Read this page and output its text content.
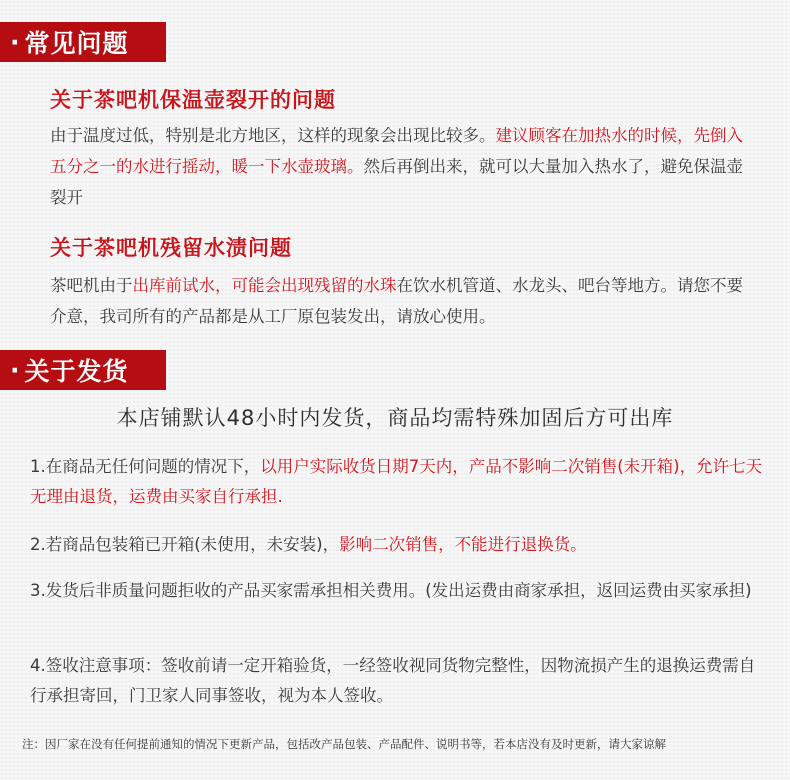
· 常见问题
关于茶吧机保温壶裂开的问题
由于温度过低，特别是北方地区，这样的现象会出现比较多。建议顾客在加热水的时候，先倒入五分之一的水进行摇动，暖一下水壶玻璃。然后再倒出来，就可以大量加入热水了，避免保温壶裂开
关于茶吧机残留水渍问题
茶吧机由于出库前试水，可能会出现残留的水珠在饮水机管道、水龙头、吧台等地方。请您不要介意，我司所有的产品都是从工厂原包装发出，请放心使用。
· 关于发货
本店铺默认48小时内发货，商品均需特殊加固后方可出库
1.在商品无任何问题的情况下，以用户实际收货日期7天内，产品不影响二次销售(未开箱)，允许七天无理由退货，运费由买家自行承担.
2.若商品包装箱已开箱(未使用，未安装)，影响二次销售，不能进行退换货。
3.发货后非质量问题拒收的产品买家需承担相关费用。(发出运费由商家承担，返回运费由买家承担)
4.签收注意事项：签收前请一定开箱验货，一经签收视同货物完整性，因物流损产生的退换运费需自行承担寄回，门卫家人同事签收，视为本人签收。
注：因厂家在没有任何提前通知的情况下更新产品，包括改产品包装、产品配件、说明书等，若本店没有及时更新，请大家谅解
